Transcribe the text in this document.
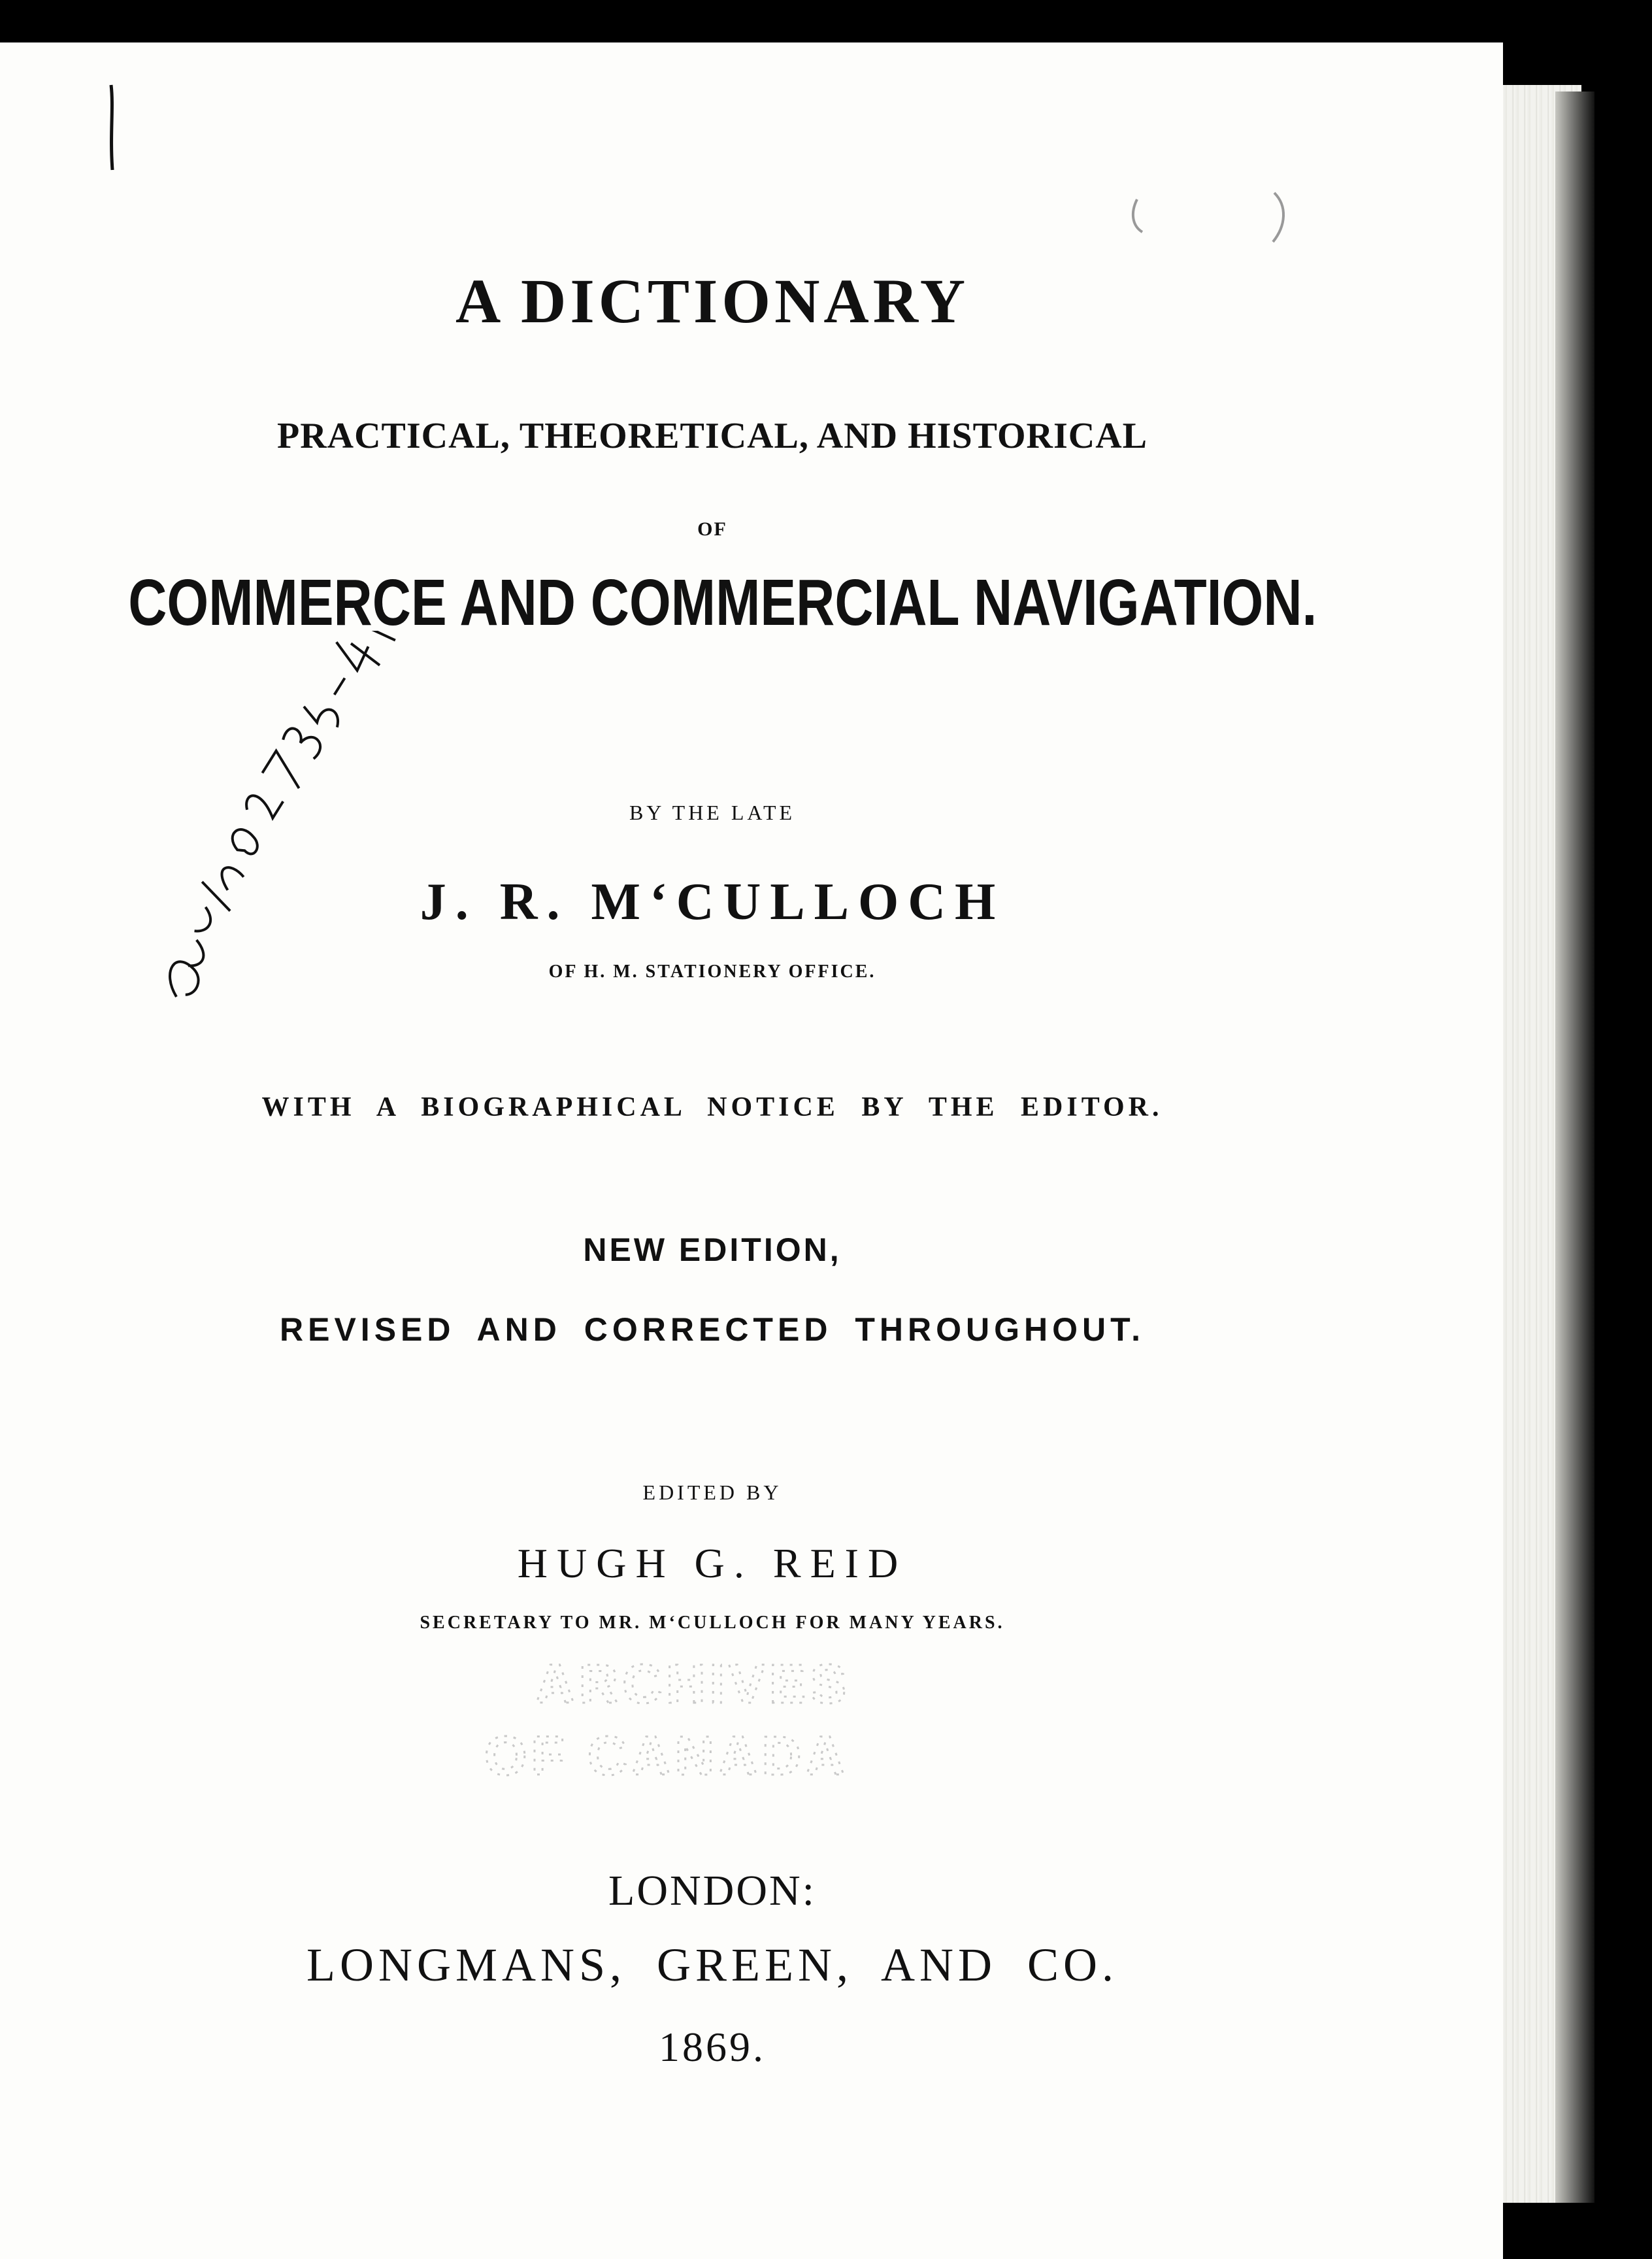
A DICTIONARY
PRACTICAL, THEORETICAL, AND HISTORICAL
OF
COMMERCE AND COMMERCIAL NAVIGATION.
BY THE LATE
J. R. M‘CULLOCH
OF H. M. STATIONERY OFFICE.
WITH A BIOGRAPHICAL NOTICE BY THE EDITOR.
NEW EDITION,
REVISED AND CORRECTED THROUGHOUT.
EDITED BY
HUGH G. REID
SECRETARY TO MR. M‘CULLOCH FOR MANY YEARS.
ARCHIVES
OF CANADA
LONDON:
LONGMANS, GREEN, AND CO.
1869.
